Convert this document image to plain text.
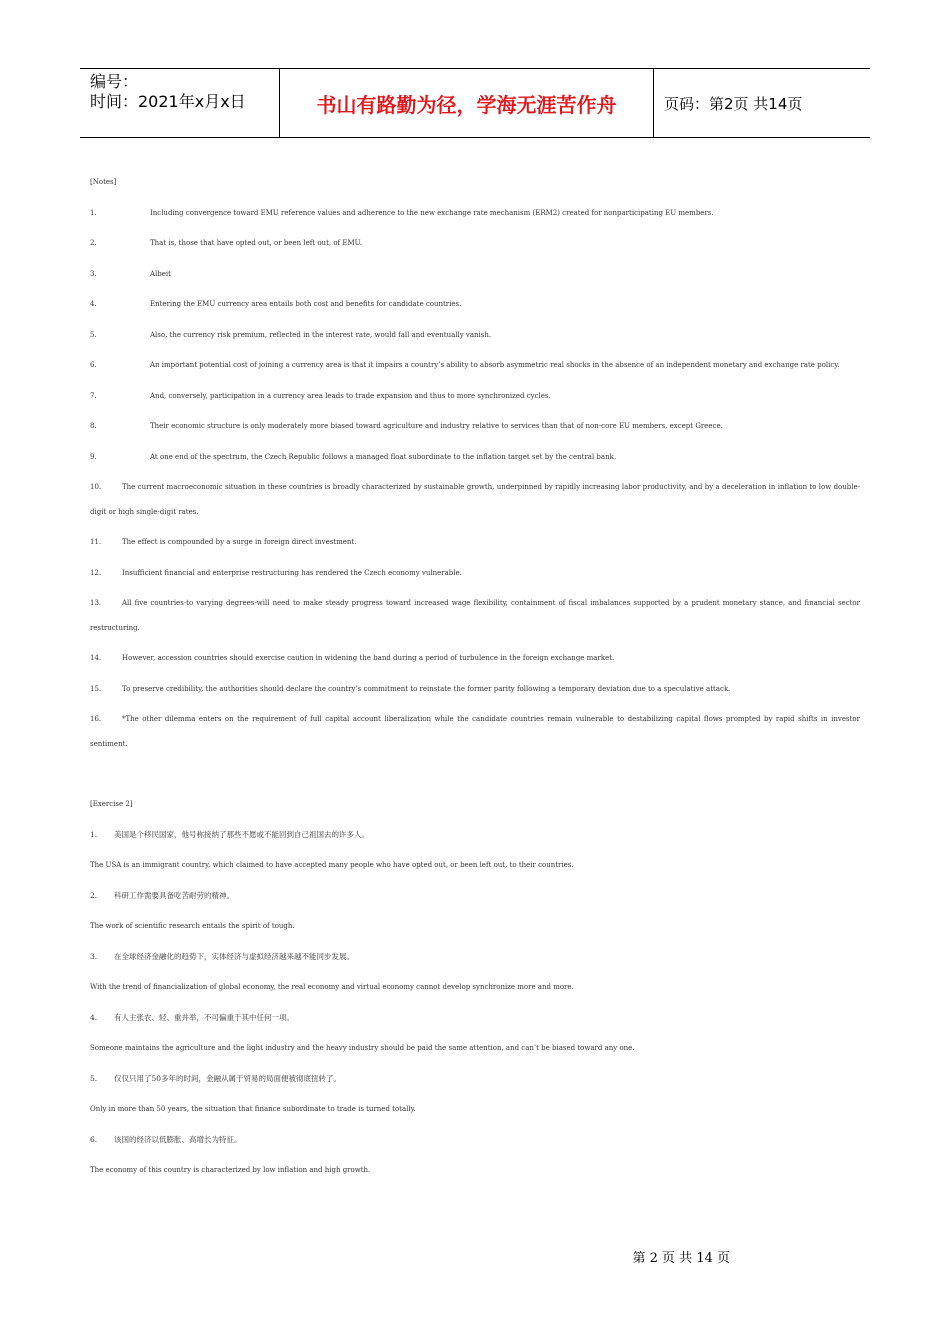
编号：
时间：2021年x月x日	书山有路勤为径，学海无涯苦作舟	页码：第2页 共14页

[Notes]

1.	Including convergence toward EMU reference values and adherence to the new exchange rate mechanism (ERM2) created for nonparticipating EU members.

2.	That is, those that have opted out, or been left out, of EMU.

3.	Albeit

4.	Entering the EMU currency area entails both cost and benefits for candidate countries.

5.	Also, the currency risk premium, reflected in the interest rate, would fall and eventually vanish.

6.	An important potential cost of joining a currency area is that it impairs a country’s ability to absorb asymmetric real shocks in the absence of an independent monetary and exchange rate policy.

7.	And, conversely, participation in a currency area leads to trade expansion and thus to more synchronized cycles.

8.	Their economic structure is only moderately more biased toward agriculture and industry relative to services than that of non-core EU members, except Greece.

9.	At one end of the spectrum, the Czech Republic follows a managed float subordinate to the inflation target set by the central bank.

10.	The current macroeconomic situation in these countries is broadly characterized by sustainable growth, underpinned by rapidly increasing labor productivity, and by a deceleration in inflation to low double-digit or high single-digit rates.

11.	The effect is compounded by a surge in foreign direct investment.

12.	Insufficient financial and enterprise restructuring has rendered the Czech economy vulnerable.

13.	All five countries-to varying degrees-will need to make steady progress toward increased wage flexibility, containment of fiscal imbalances supported by a prudent monetary stance, and financial sector restructuring.

14.	However, accession countries should exercise caution in widening the band during a period of turbulence in the foreign exchange market.

15.	To preserve credibility, the authorities should declare the country’s commitment to reinstate the former parity following a temporary deviation due to a speculative attack.

16.	*The other dilemma enters on the requirement of full capital account liberalization while the candidate countries remain vulnerable to destabilizing capital flows prompted by rapid shifts in investor sentiment.

[Exercise 2]

1. 美国是个移民国家，他号称接纳了那些不愿或不能回到自己祖国去的许多人。

The USA is an immigrant country, which claimed to have accepted many people who have opted out, or been left out, to their countries.

2. 科研工作需要具备吃苦耐劳的精神。

The work of scientific research entails the spirit of tough.

3. 在全球经济金融化的趋势下，实体经济与虚拟经济越来越不能同步发展。

With the trend of financialization of global economy, the real economy and virtual economy cannot develop synchronize more and more.

4. 有人主张农、轻、重并举，不可偏重于其中任何一项。

Someone maintains the agriculture and the light industry and the heavy industry should be paid the same attention, and can’t be biased toward any one.

5. 仅仅只用了50多年的时间，金融从属于贸易的局面便被彻底扭转了。

Only in more than 50 years, the situation that finance subordinate to trade is turned totally.

6. 该国的经济以低膨胀、高增长为特征。

The economy of this country is characterized by low inflation and high growth.

第 2 页 共 14 页
